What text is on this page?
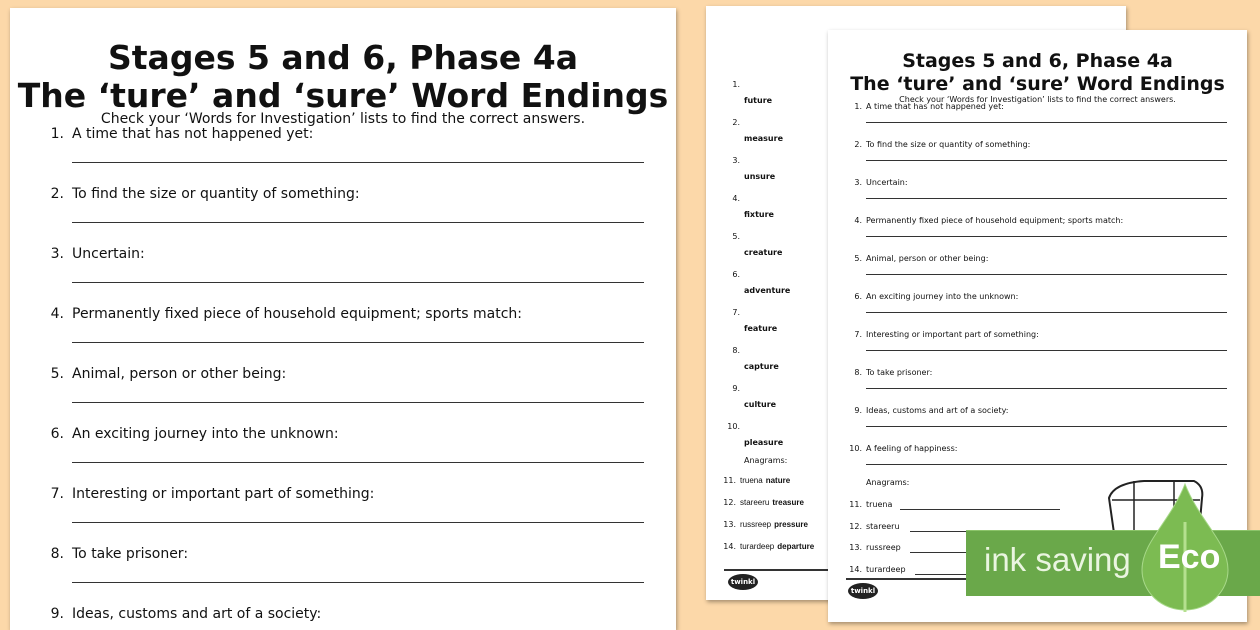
Stages 5 and 6, Phase 4a
The ‘ture’ and ‘sure’ Word Endings
Check your ‘Words for Investigation’ lists to find the correct answers.
1. A time that has not happened yet:
2. To find the size or quantity of something:
3. Uncertain:
4. Permanently fixed piece of household equipment; sports match:
5. Animal, person or other being:
6. An exciting journey into the unknown:
7. Interesting or important part of something:
8. To take prisoner:
9. Ideas, customs and art of a society:
1.
future
2.
measure
3.
unsure
4.
fixture
5.
creature
6.
adventure
7.
feature
8.
capture
9.
culture
10.
pleasure
Anagrams:
11. truena nature
12. stareeru treasure
13. russreep pressure
14. turardeep departure
twinkl
Stages 5 and 6, Phase 4a
The ‘ture’ and ‘sure’ Word Endings
Check your ‘Words for Investigation’ lists to find the correct answers.
1. A time that has not happened yet:
2. To find the size or quantity of something:
3. Uncertain:
4. Permanently fixed piece of household equipment; sports match:
5. Animal, person or other being:
6. An exciting journey into the unknown:
7. Interesting or important part of something:
8. To take prisoner:
9. Ideas, customs and art of a society:
10. A feeling of happiness:
Anagrams:
11. truena
12. stareeru
13. russreep
14. turardeep
twinkl
ink saving Eco
